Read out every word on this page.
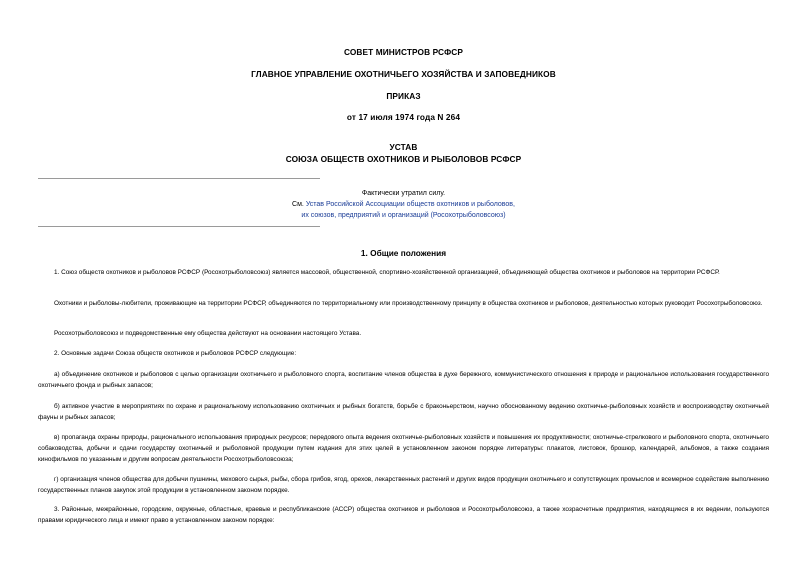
СОВЕТ МИНИСТРОВ РСФСР
ГЛАВНОЕ УПРАВЛЕНИЕ ОХОТНИЧЬЕГО ХОЗЯЙСТВА И ЗАПОВЕДНИКОВ
ПРИКАЗ
от 17 июля 1974 года N 264
УСТАВ
СОЮЗА ОБЩЕСТВ ОХОТНИКОВ И РЫБОЛОВОВ РСФСР
Фактически утратил силу.
См. Устав Российской Ассоциации обществ охотников и рыболовов,
их союзов, предприятий и организаций (Росохотрыболовсоюз)
1. Общие положения
1. Союз обществ охотников и рыболовов РСФСР (Росохотрыболовсоюз) является массовой, общественной, спортивно-хозяйственной организацией, объединяющей общества охотников и рыболовов на территории РСФСР.
Охотники и рыболовы-любители, проживающие на территории РСФСР, объединяются по территориальному или производственному принципу в общества охотников и рыболовов, деятельностью которых руководит Росохотрыболовсоюз.
Росохотрыболовсоюз и подведомственные ему общества действуют на основании настоящего Устава.
2. Основные задачи Союза обществ охотников и рыболовов РСФСР следующие:
а) объединение охотников и рыболовов с целью организации охотничьего и рыболовного спорта, воспитание членов общества в духе бережного, коммунистического отношения к природе и рациональное использования государственного охотничьего фонда и рыбных запасов;
б) активное участие в мероприятиях по охране и рациональному использованию охотничьих и рыбных богатств, борьбе с браконьерством, научно обоснованному ведению охотничье-рыболовных хозяйств и воспроизводству охотничьей фауны и рыбных запасов;
в) пропаганда охраны природы, рационального использования природных ресурсов; передового опыта ведения охотничье-рыболовных хозяйств и повышения их продуктивности; охотничье-стрелкового и рыболовного спорта, охотничьего собаководства, добычи и сдачи государству охотничьей и рыболовной продукции путем издания для этих целей в установленном законом порядке литературы: плакатов, листовок, брошюр, календарей, альбомов, а также создания кинофильмов по указанным и другим вопросам деятельности Росохотрыболовсоюза;
г) организация членов общества для добычи пушнины, мехового сырья, рыбы, сбора грибов, ягод, орехов, лекарственных растений и других видов продукции охотничьего и сопутствующих промыслов и всемерное содействие выполнению государственных планов закупок этой продукции в установленном законом порядке.
3. Районные, межрайонные, городские, окружные, областные, краевые и республиканские (АССР) общества охотников и рыболовов и Росохотрыболовсоюз, а также хозрасчетные предприятия, находящиеся в их ведении, пользуются правами юридического лица и имеют право в установленном законом порядке:
